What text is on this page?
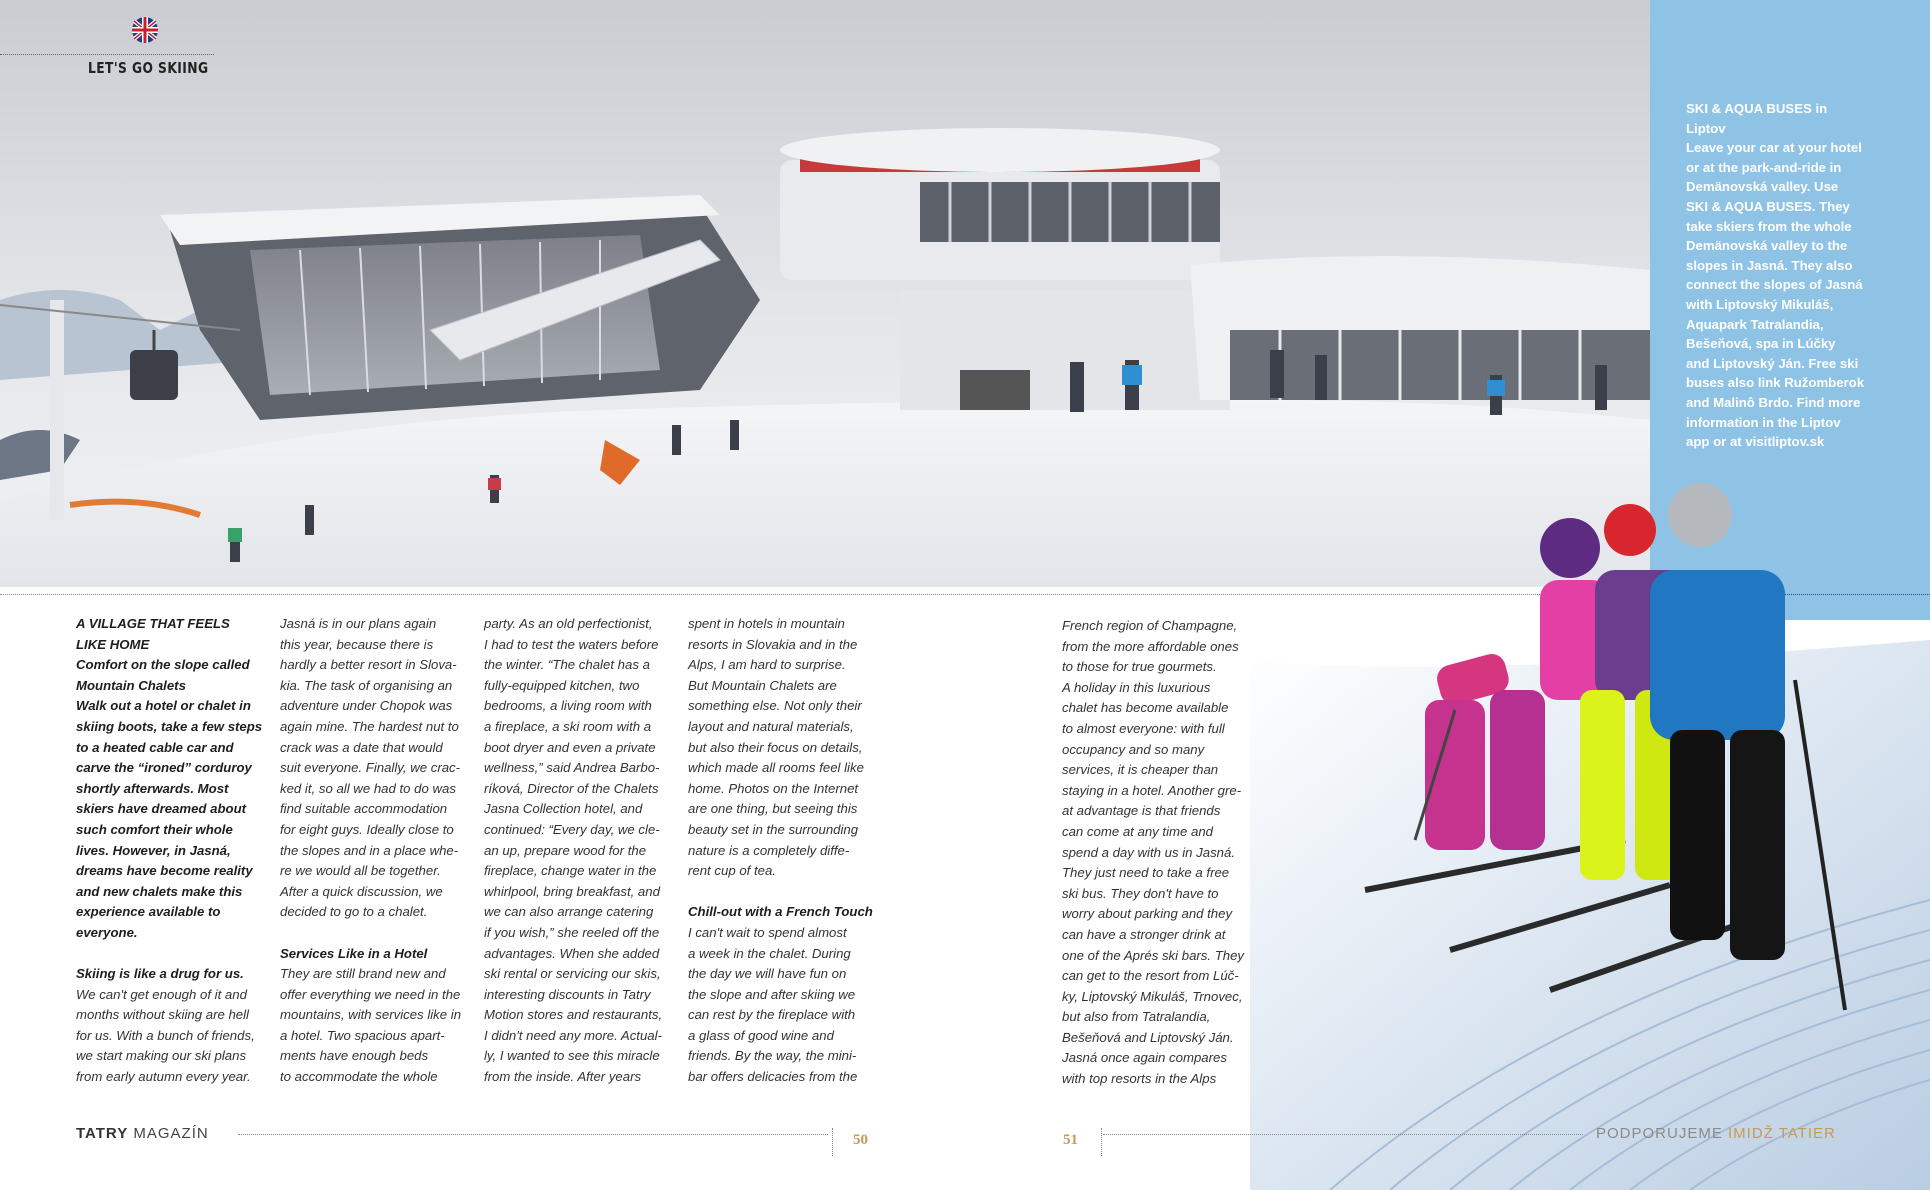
LET'S GO SKIING
SKI & AQUA BUSES in Liptov
Leave your car at your hotel
or at the park-and-ride in
Demänovská valley. Use
SKI & AQUA BUSES. They
take skiers from the whole
Demänovská valley to the
slopes in Jasná. They also
connect the slopes of Jasná
with Liptovský Mikuláš,
Aquapark Tatralandia,
Bešeňová, spa in Lúčky
and Liptovský Ján. Free ski
buses also link Ružomberok
and Malinô Brdo. Find more
information in the Liptov
app or at visitliptov.sk

A VILLAGE THAT FEELS
LIKE HOME
Comfort on the slope called
Mountain Chalets
Walk out a hotel or chalet in
skiing boots, take a few steps
to a heated cable car and
carve the “ironed” corduroy
shortly afterwards. Most
skiers have dreamed about
such comfort their whole
lives. However, in Jasná,
dreams have become reality
and new chalets make this
experience available to
everyone.

Skiing is like a drug for us.

We can't get enough of it and
months without skiing are hell
for us. With a bunch of friends,
we start making our ski plans
from early autumn every year.

Jasná is in our plans again
this year, because there is
hardly a better resort in Slova-
kia. The task of organising an
adventure under Chopok was
again mine. The hardest nut to
crack was a date that would
suit everyone. Finally, we crac-
ked it, so all we had to do was
find suitable accommodation
for eight guys. Ideally close to
the slopes and in a place whe-
re we would all be together.
After a quick discussion, we
decided to go to a chalet.

Services Like in a Hotel

They are still brand new and
offer everything we need in the
mountains, with services like in
a hotel. Two spacious apart-
ments have enough beds
to accommodate the whole

party. As an old perfectionist,
I had to test the waters before
the winter. “The chalet has a
fully-equipped kitchen, two
bedrooms, a living room with
a fireplace, a ski room with a
boot dryer and even a private
wellness,” said Andrea Barbo-
ríková, Director of the Chalets
Jasna Collection hotel, and
continued: “Every day, we cle-
an up, prepare wood for the
fireplace, change water in the
whirlpool, bring breakfast, and
we can also arrange catering
if you wish,” she reeled off the
advantages. When she added
ski rental or servicing our skis,
interesting discounts in Tatry
Motion stores and restaurants,
I didn't need any more. Actual-
ly, I wanted to see this miracle
from the inside. After years

spent in hotels in mountain
resorts in Slovakia and in the
Alps, I am hard to surprise.
But Mountain Chalets are
something else. Not only their
layout and natural materials,
but also their focus on details,
which made all rooms feel like
home. Photos on the Internet
are one thing, but seeing this
beauty set in the surrounding
nature is a completely diffe-
rent cup of tea.

Chill-out with a French Touch

I can't wait to spend almost
a week in the chalet. During
the day we will have fun on
the slope and after skiing we
can rest by the fireplace with
a glass of good wine and
friends. By the way, the mini-
bar offers delicacies from the

French region of Champagne,
from the more affordable ones
to those for true gourmets.
A holiday in this luxurious
chalet has become available
to almost everyone: with full
occupancy and so many
services, it is cheaper than
staying in a hotel. Another gre-
at advantage is that friends
can come at any time and
spend a day with us in Jasná.
They just need to take a free
ski bus. They don't have to
worry about parking and they
can have a stronger drink at
one of the Aprés ski bars. They
can get to the resort from Lúč-
ky, Liptovský Mikuláš, Trnovec,
but also from Tatralandia,
Bešeňová and Liptovský Ján.
Jasná once again compares
with top resorts in the Alps

TATRY MAGAZÍN	50	51	PODPORUJEME IMIDŽ TATIER
